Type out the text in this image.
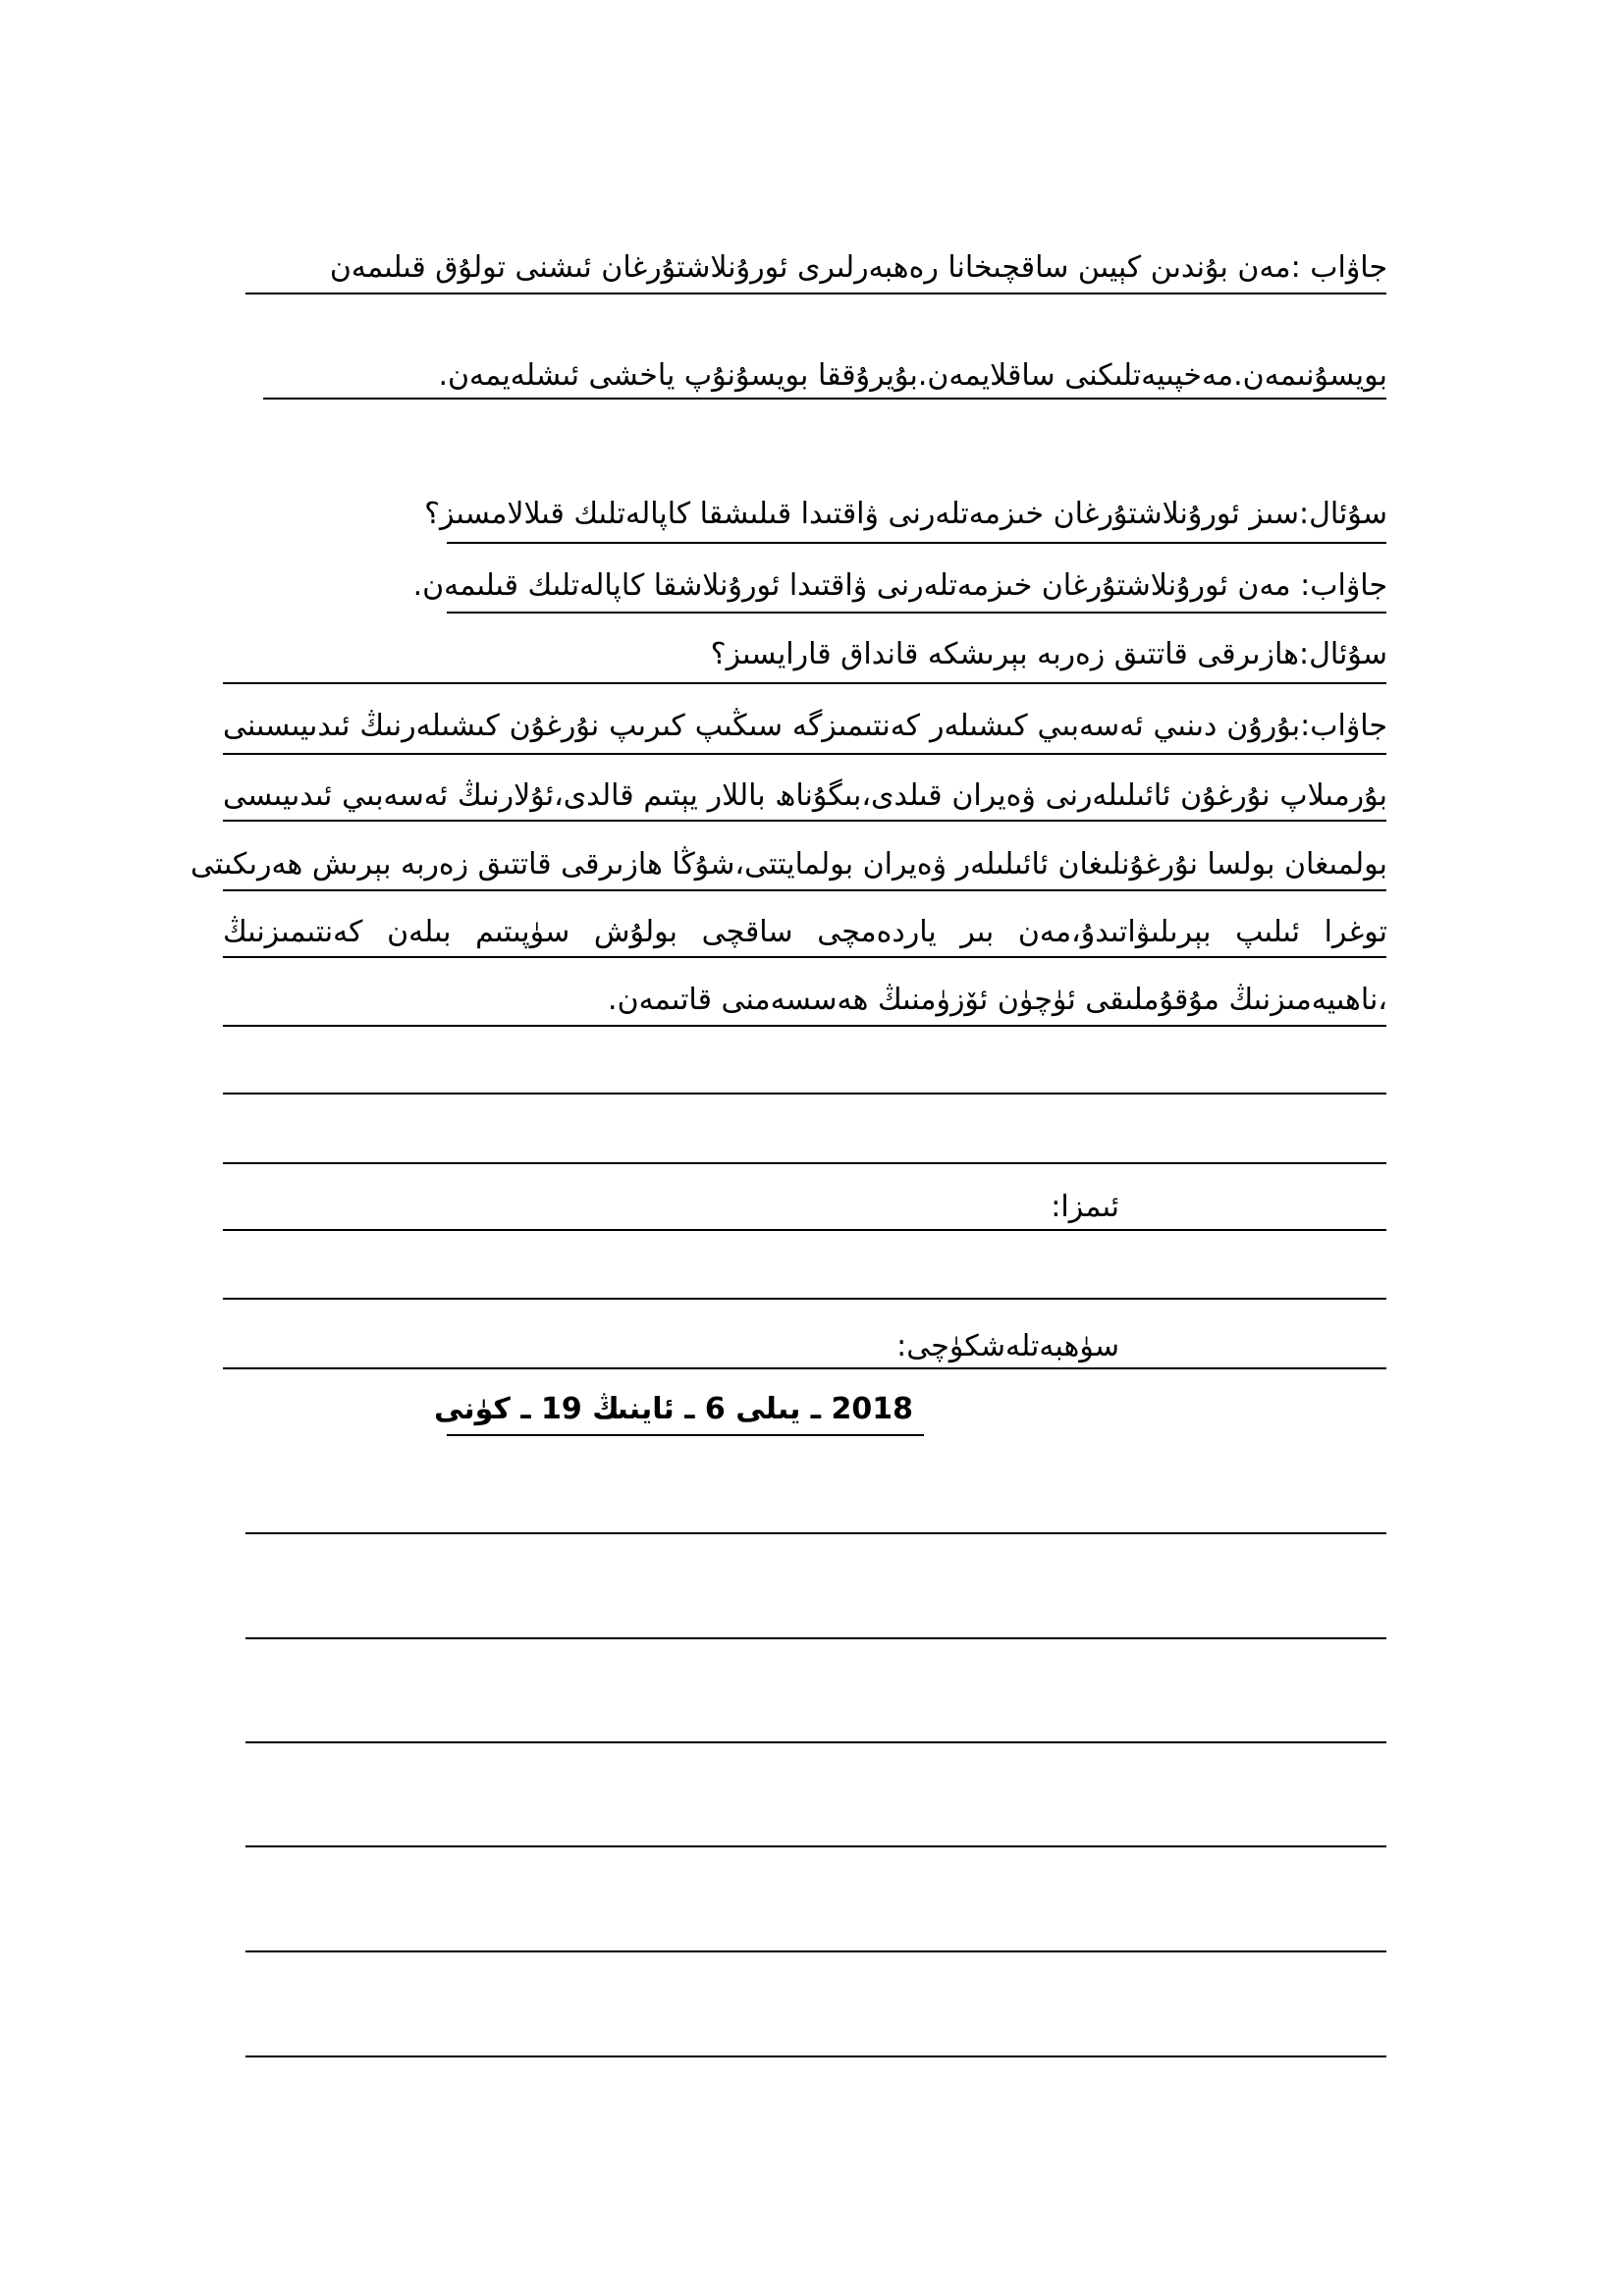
جاۋاب :مەن بۇندىن كېيىن ساقچىخانا رەھبەرلىرى ئورۇنلاشتۇرغان ئىشنى تولۇق قىلىمەن
بويسۇنىمەن.مەخپىيەتلىكنى ساقلايمەن.بۇيرۇققا بويسۇنۇپ ياخشى ئىشلەيمەن.
سۇئال:سىز ئورۇنلاشتۇرغان خىزمەتلەرنى ۋاقتىدا قىلىشقا كاپالەتلىك قىلالامسىز؟
جاۋاب: مەن ئورۇنلاشتۇرغان خىزمەتلەرنى ۋاقتىدا ئورۇنلاشقا كاپالەتلىك قىلىمەن.
سۇئال:ھازىرقى قاتتىق زەربە بېرىشكە قانداق قارايسىز؟
جاۋاب:بۇرۇن دىنىي ئەسەبىي كىشىلەر كەنتىمىزگە سىڭىپ كىرىپ نۇرغۇن كىشىلەرنىڭ ئىدىيىسىنى
بۇرمىلاپ نۇرغۇن ئائىلىلەرنى ۋەيران قىلدى،بىگۇناھ باللار يېتىم قالدى،ئۇلارنىڭ ئەسەبىي ئىدىيىسى
بولمىغان بولسا نۇرغۇنلىغان ئائىلىلەر ۋەيران بولمايتتى،شۇڭا ھازىرقى قاتتىق زەربە بېرىش ھەرىكىتى
توغرا ئىلىپ بېرىلىۋاتىدۇ،مەن بىر ياردەمچى ساقچى بولۇش سۈپىتىم بىلەن كەنتىمىزنىڭ
،ناھىيەمىزنىڭ مۇقۇملىقى ئۈچۈن ئۆزۈمنىڭ ھەسسەمنى قاتىمەن.
ئىمزا:
سۈھبەتلەشكۈچى:
2018 ـ يىلى 6 ـ ئاينىڭ 19 ـ كۈنى
